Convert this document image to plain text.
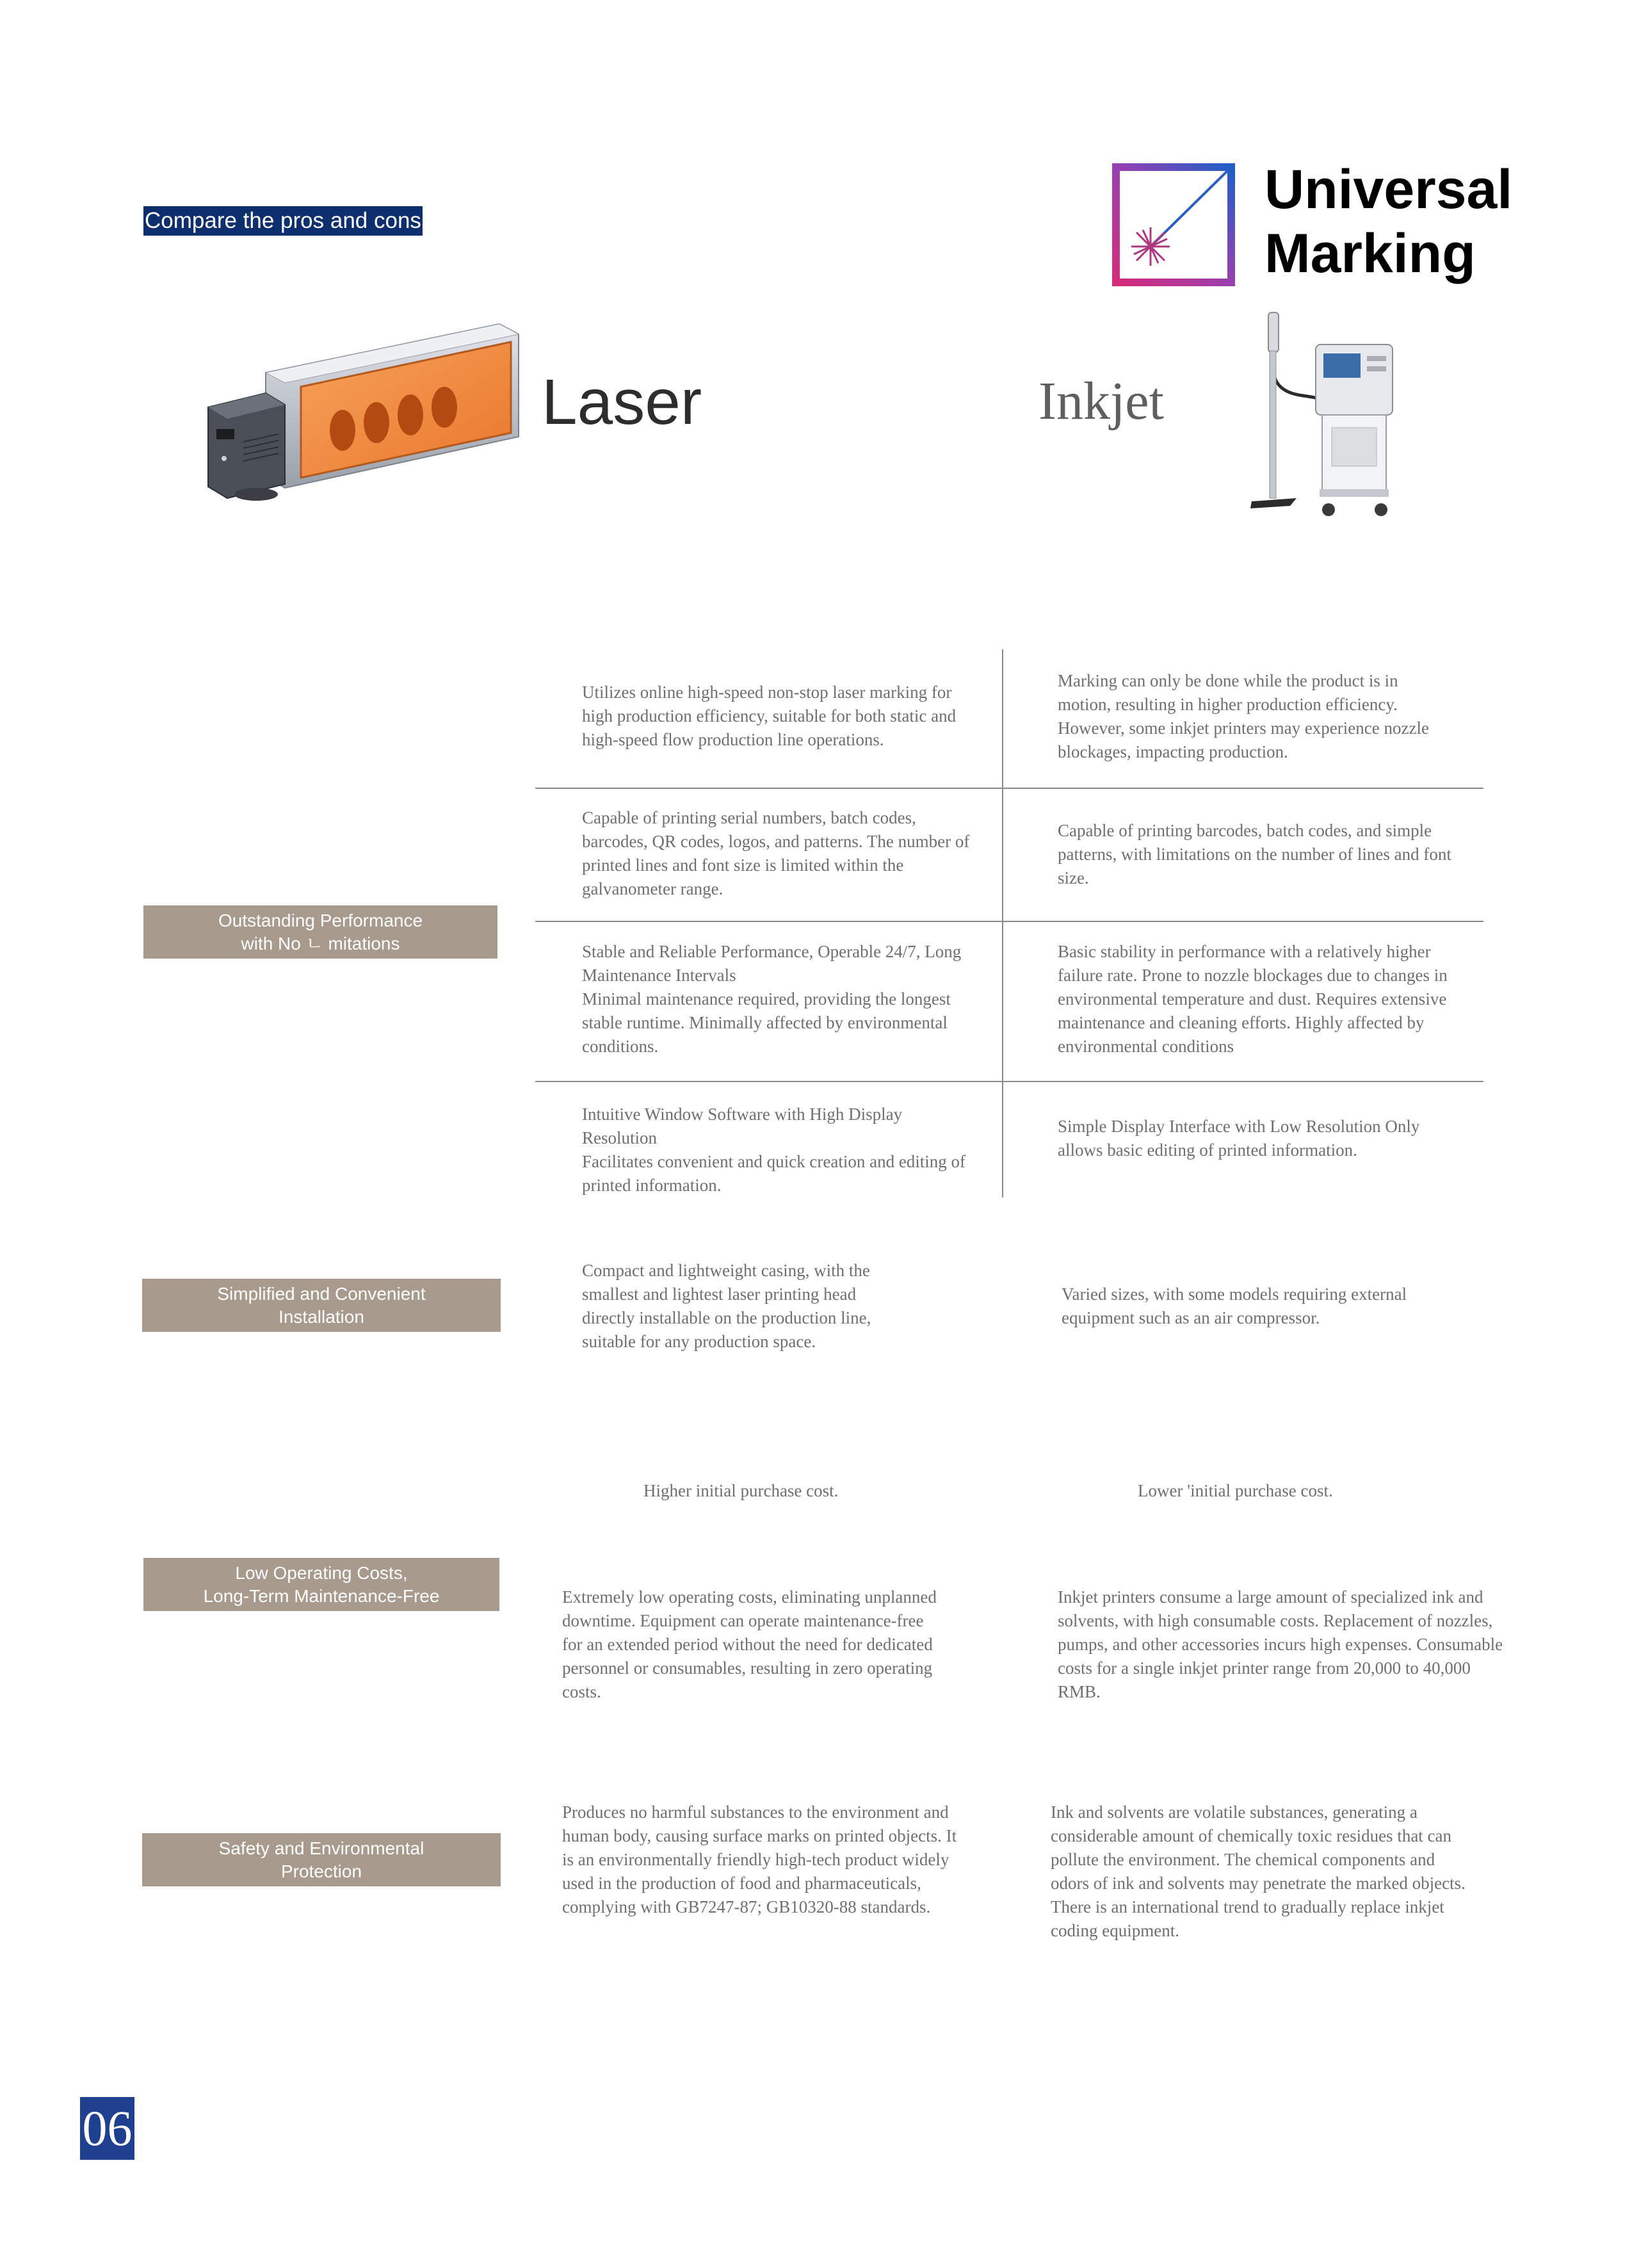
Compare the pros and cons
Universal
Marking
Laser	Inkjet
Outstanding Performance
with No ㄴ mitations
Simplified and Convenient
Installation
Low Operating Costs,
Long-Term Maintenance-Free
Safety and Environmental
Protection
Utilizes online high-speed non-stop laser marking for
high production efficiency, suitable for both static and
high-speed flow production line operations.
Marking can only be done while the product is in
motion, resulting in higher production efficiency.
However, some inkjet printers may experience nozzle
blockages, impacting production.
Capable of printing serial numbers, batch codes,
barcodes, QR codes, logos, and patterns. The number of
printed lines and font size is limited within the
galvanometer range.
Capable of printing barcodes, batch codes, and simple
patterns, with limitations on the number of lines and font
size.
Stable and Reliable Performance, Operable 24/7, Long
Maintenance Intervals
Minimal maintenance required, providing the longest
stable runtime. Minimally affected by environmental
conditions.
Basic stability in performance with a relatively higher
failure rate. Prone to nozzle blockages due to changes in
environmental temperature and dust. Requires extensive
maintenance and cleaning efforts. Highly affected by
environmental conditions
Intuitive Window Software with High Display
Resolution
Facilitates convenient and quick creation and editing of
printed information.
Simple Display Interface with Low Resolution Only
allows basic editing of printed information.
Compact and lightweight casing, with the
smallest and lightest laser printing head
directly installable on the production line,
suitable for any production space.
Varied sizes, with some models requiring external
equipment such as an air compressor.
Higher initial purchase cost.	Lower 'initial purchase cost.
Extremely low operating costs, eliminating unplanned
downtime. Equipment can operate maintenance-free
for an extended period without the need for dedicated
personnel or consumables, resulting in zero operating
costs.
Inkjet printers consume a large amount of specialized ink and
solvents, with high consumable costs. Replacement of nozzles,
pumps, and other accessories incurs high expenses. Consumable
costs for a single inkjet printer range from 20,000 to 40,000
RMB.
Produces no harmful substances to the environment and
human body, causing surface marks on printed objects. It
is an environmentally friendly high-tech product widely
used in the production of food and pharmaceuticals,
complying with GB7247-87; GB10320-88 standards.
Ink and solvents are volatile substances, generating a
considerable amount of chemically toxic residues that can
pollute the environment. The chemical components and
odors of ink and solvents may penetrate the marked objects.
There is an international trend to gradually replace inkjet
coding equipment.
06
